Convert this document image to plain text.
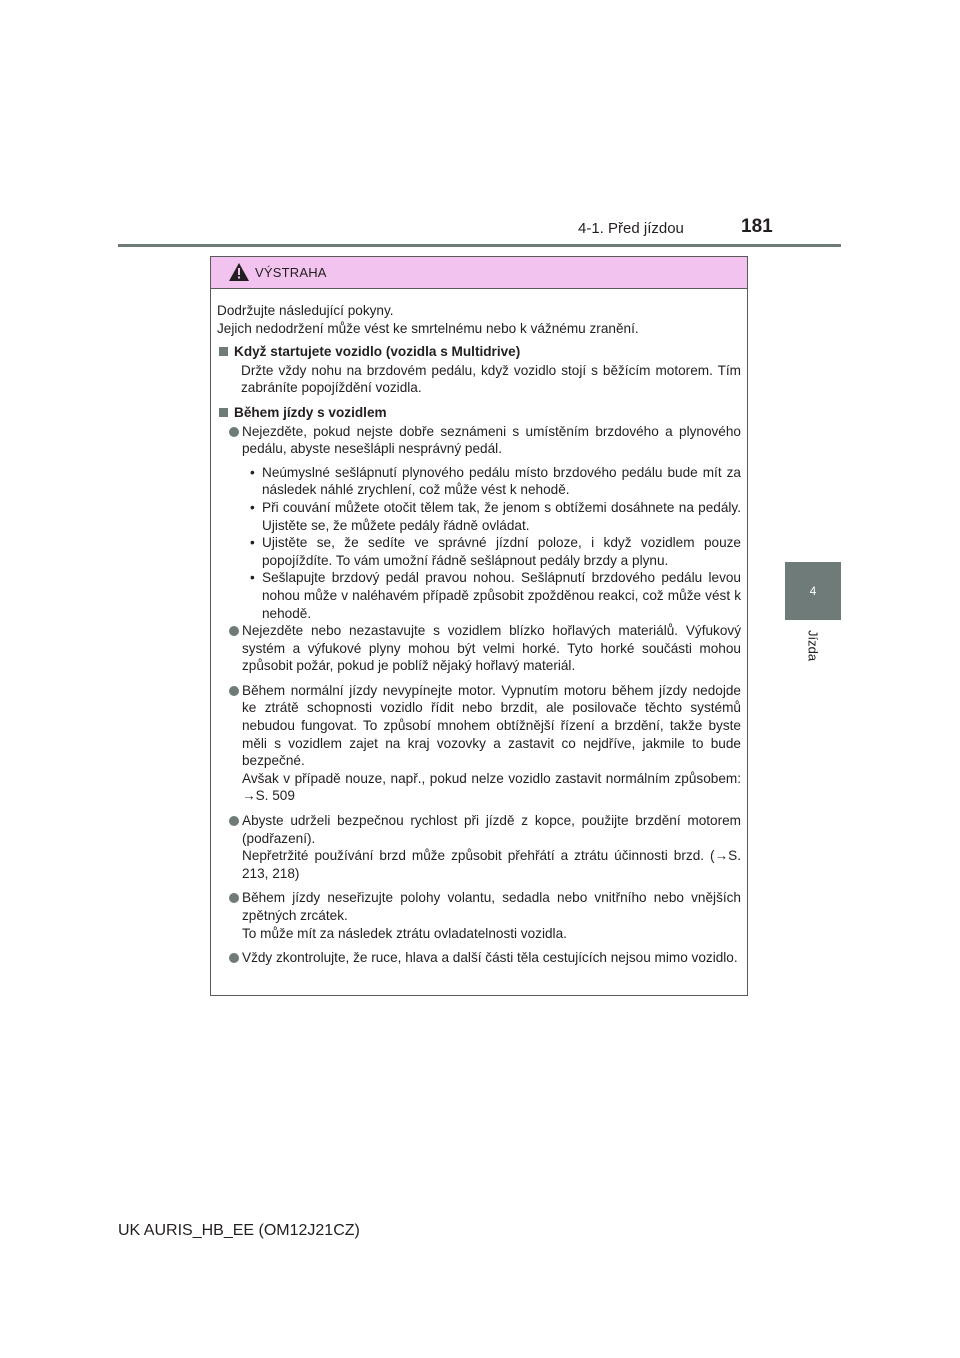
4-1. Před jízdou	181
4
Jízda
VÝSTRAHA

Dodržujte následující pokyny.

Jejich nedodržení může vést ke smrtelnému nebo k vážnému zranění.

Když startujete vozidlo (vozidla s Multidrive)

Držte vždy nohu na brzdovém pedálu, když vozidlo stojí s běžícím motorem. Tím zabráníte popojíždění vozidla.

Během jízdy s vozidlem
Nejezděte, pokud nejste dobře seznámeni s umístěním brzdového a plynového pedálu, abyste nesešlápli nesprávný pedál.
• Neúmyslné sešlápnutí plynového pedálu místo brzdového pedálu bude mít za následek náhlé zrychlení, což může vést k nehodě.
• Při couvání můžete otočit tělem tak, že jenom s obtížemi dosáhnete na pedály. Ujistěte se, že můžete pedály řádně ovládat.
• Ujistěte se, že sedíte ve správné jízdní poloze, i když vozidlem pouze popojíždíte. To vám umožní řádně sešlápnout pedály brzdy a plynu.
• Sešlapujte brzdový pedál pravou nohou. Sešlápnutí brzdového pedálu levou nohou může v naléhavém případě způsobit zpožděnou reakci, což může vést k nehodě.
Nejezděte nebo nezastavujte s vozidlem blízko hořlavých materiálů. Výfukový systém a výfukové plyny mohou být velmi horké. Tyto horké součásti mohou způsobit požár, pokud je poblíž nějaký hořlavý materiál.
Během normální jízdy nevypínejte motor. Vypnutím motoru během jízdy nedojde ke ztrátě schopnosti vozidlo řídit nebo brzdit, ale posilovače těchto systémů nebudou fungovat. To způsobí mnohem obtížnější řízení a brzdění, takže byste měli s vozidlem zajet na kraj vozovky a zastavit co nejdříve, jakmile to bude bezpečné.
Avšak v případě nouze, např., pokud nelze vozidlo zastavit normálním způsobem: →S. 509
Abyste udrželi bezpečnou rychlost při jízdě z kopce, použijte brzdění motorem (podřazení).
Nepřetržité používání brzd může způsobit přehřátí a ztrátu účinnosti brzd. (→S. 213, 218)
Během jízdy neseřizujte polohy volantu, sedadla nebo vnitřního nebo vnějších zpětných zrcátek.
To může mít za následek ztrátu ovladatelnosti vozidla.
Vždy zkontrolujte, že ruce, hlava a další části těla cestujících nejsou mimo vozidlo.
UK AURIS_HB_EE (OM12J21CZ)
